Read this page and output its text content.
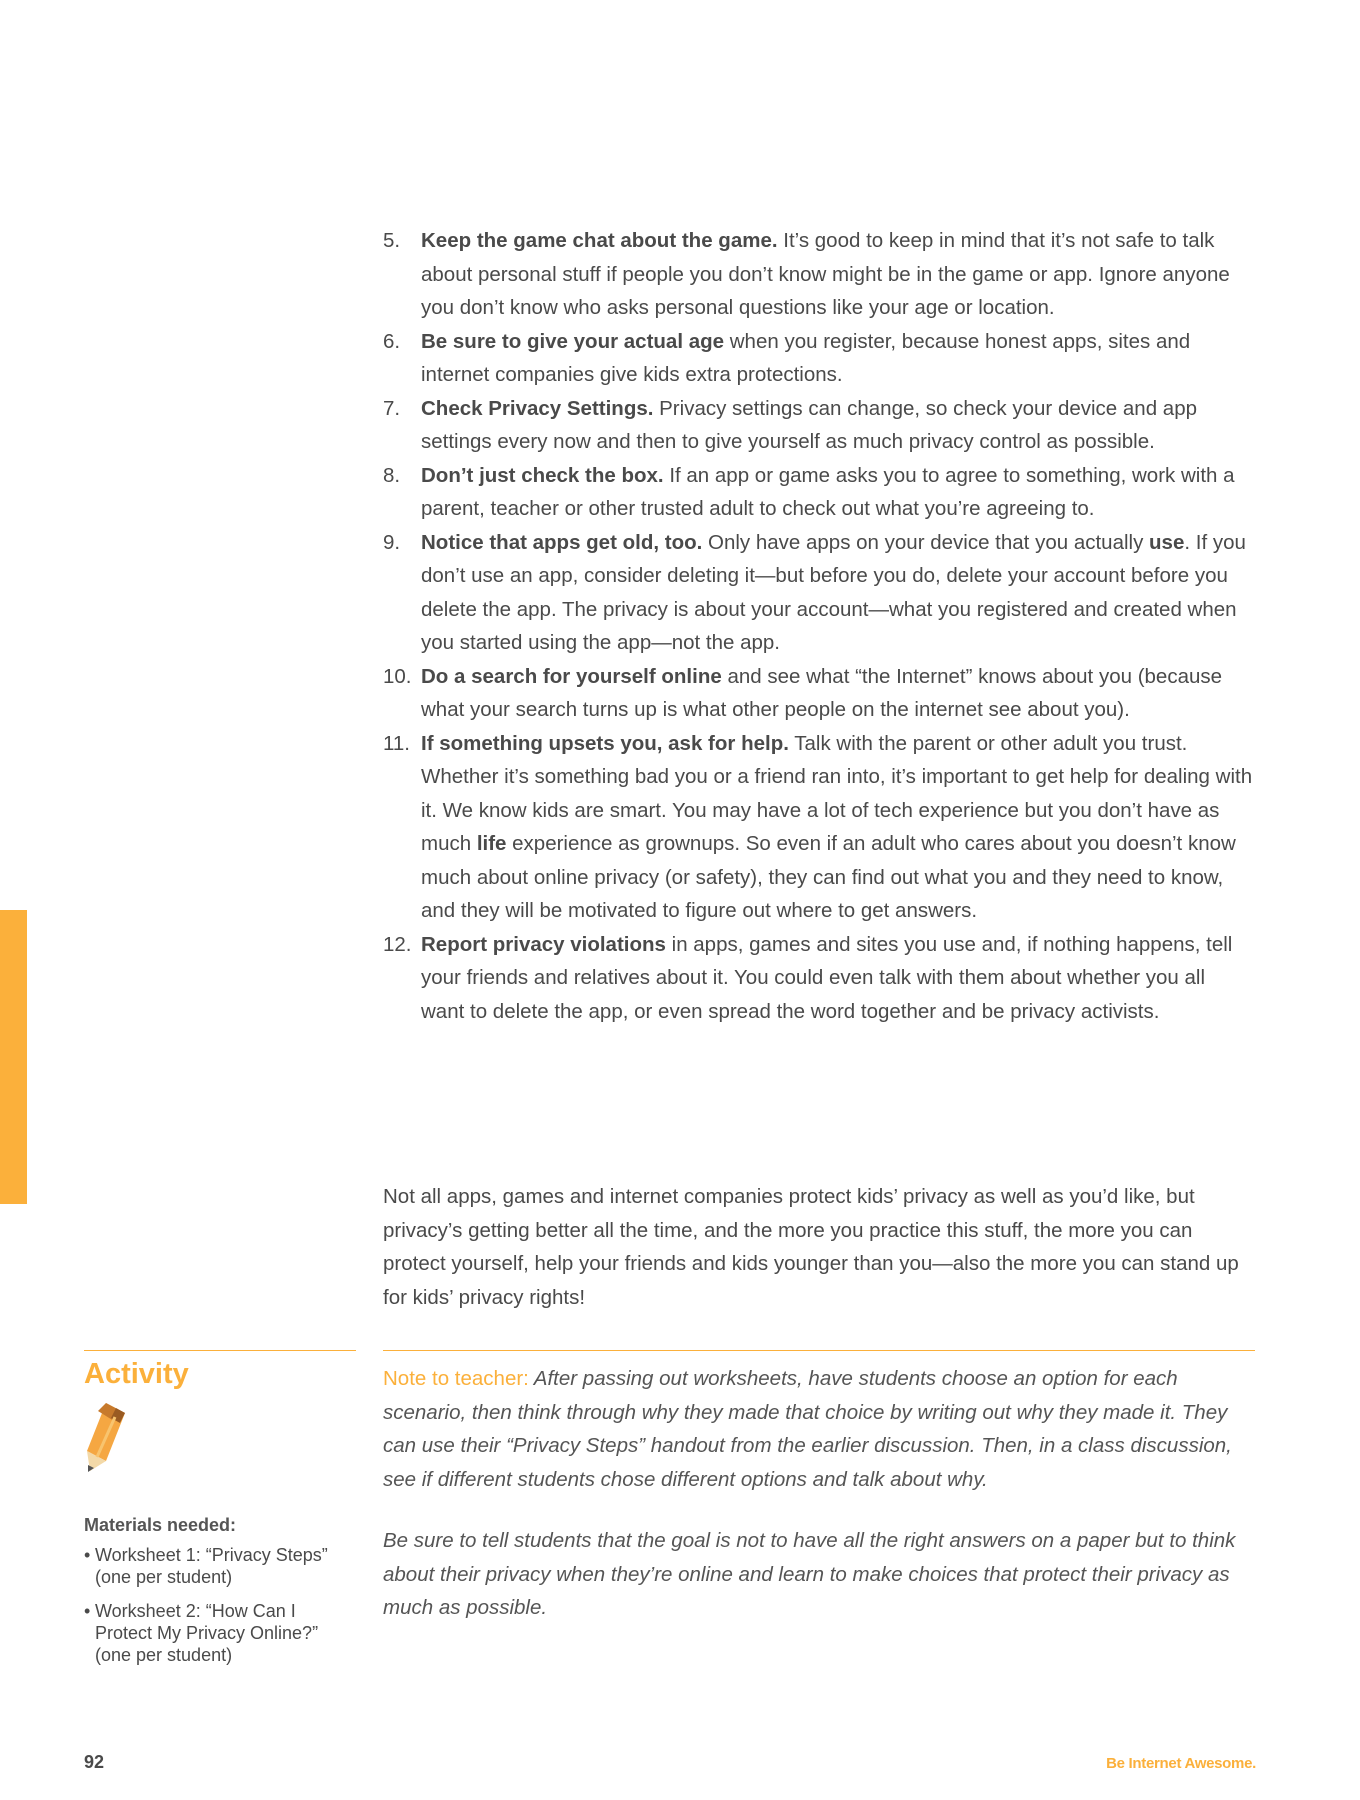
5. Keep the game chat about the game. It’s good to keep in mind that it’s not safe to talk about personal stuff if people you don’t know might be in the game or app. Ignore anyone you don’t know who asks personal questions like your age or location.
6. Be sure to give your actual age when you register, because honest apps, sites and internet companies give kids extra protections.
7. Check Privacy Settings. Privacy settings can change, so check your device and app settings every now and then to give yourself as much privacy control as possible.
8. Don’t just check the box. If an app or game asks you to agree to something, work with a parent, teacher or other trusted adult to check out what you’re agreeing to.
9. Notice that apps get old, too. Only have apps on your device that you actually use. If you don’t use an app, consider deleting it—but before you do, delete your account before you delete the app. The privacy is about your account—what you registered and created when you started using the app—not the app.
10. Do a search for yourself online and see what “the Internet” knows about you (because what your search turns up is what other people on the internet see about you).
11. If something upsets you, ask for help. Talk with the parent or other adult you trust. Whether it’s something bad you or a friend ran into, it’s important to get help for dealing with it. We know kids are smart. You may have a lot of tech experience but you don’t have as much life experience as grownups. So even if an adult who cares about you doesn’t know much about online privacy (or safety), they can find out what you and they need to know, and they will be motivated to figure out where to get answers.
12. Report privacy violations in apps, games and sites you use and, if nothing happens, tell your friends and relatives about it. You could even talk with them about whether you all want to delete the app, or even spread the word together and be privacy activists.

Not all apps, games and internet companies protect kids’ privacy as well as you’d like, but privacy’s getting better all the time, and the more you practice this stuff, the more you can protect yourself, help your friends and kids younger than you—also the more you can stand up for kids’ privacy rights!

Activity

Materials needed:

• Worksheet 1: “Privacy Steps” (one per student)
• Worksheet 2: “How Can I Protect My Privacy Online?” (one per student)

Note to teacher: After passing out worksheets, have students choose an option for each scenario, then think through why they made that choice by writing out why they made it. They can use their “Privacy Steps” handout from the earlier discussion. Then, in a class discussion, see if different students chose different options and talk about why.

Be sure to tell students that the goal is not to have all the right answers on a paper but to think about their privacy when they’re online and learn to make choices that protect their privacy as much as possible.

92	Be Internet Awesome.
